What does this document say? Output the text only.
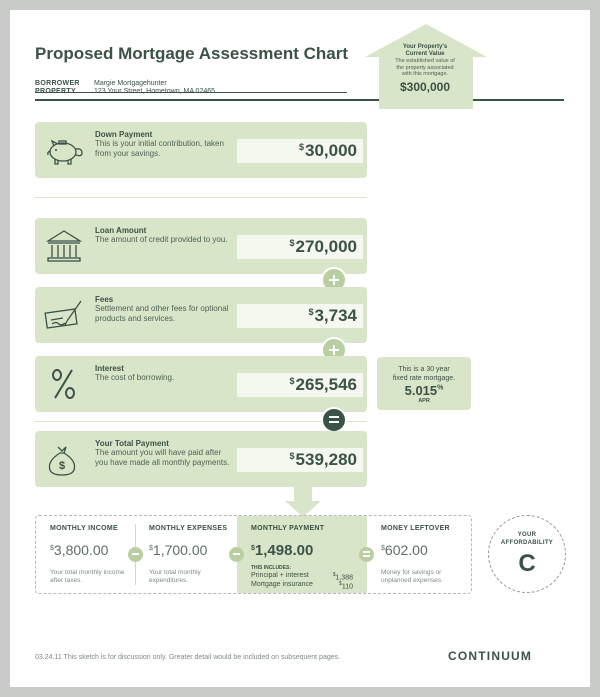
Proposed Mortgage Assessment Chart
BORROWER Margie Mortgagehunter
PROPERTY	123 Your Street, Hometown, MA 02465
Your Property's
Current Value
The established value of
the property associated
with this mortgage.
$300,000
Down Payment
This is your initial contribution, taken from your savings.
$30,000
Loan Amount
The amount of credit provided to you.	$270,000
Fees
Settlement and other fees for optional products and services.
$3,734
Interest
The cost of borrowing.	$265,546
This is a 30 year
fixed rate mortgage.
5.015%
APR
$
Your Total Payment
The amount you will have paid after you have made all monthly payments.
$539,280
MONTHLY INCOME
$3,800.00
Your total monthly income after taxes.
MONTHLY EXPENSES
$1,700.00
Your total monthly expenditures.
MONTHLY PAYMENT
$1,498.00
THIS INCLUDES:
Principal + interest	$1,388
Mortgage insurance	$110
MONEY LEFTOVER
$602.00
Money for savings or unplanned expenses.
YOUR
AFFORDABILITY
C
03.24.11 This sketch is for discussion only. Greater detail would be included on subsequent pages.	CONTINUUM
